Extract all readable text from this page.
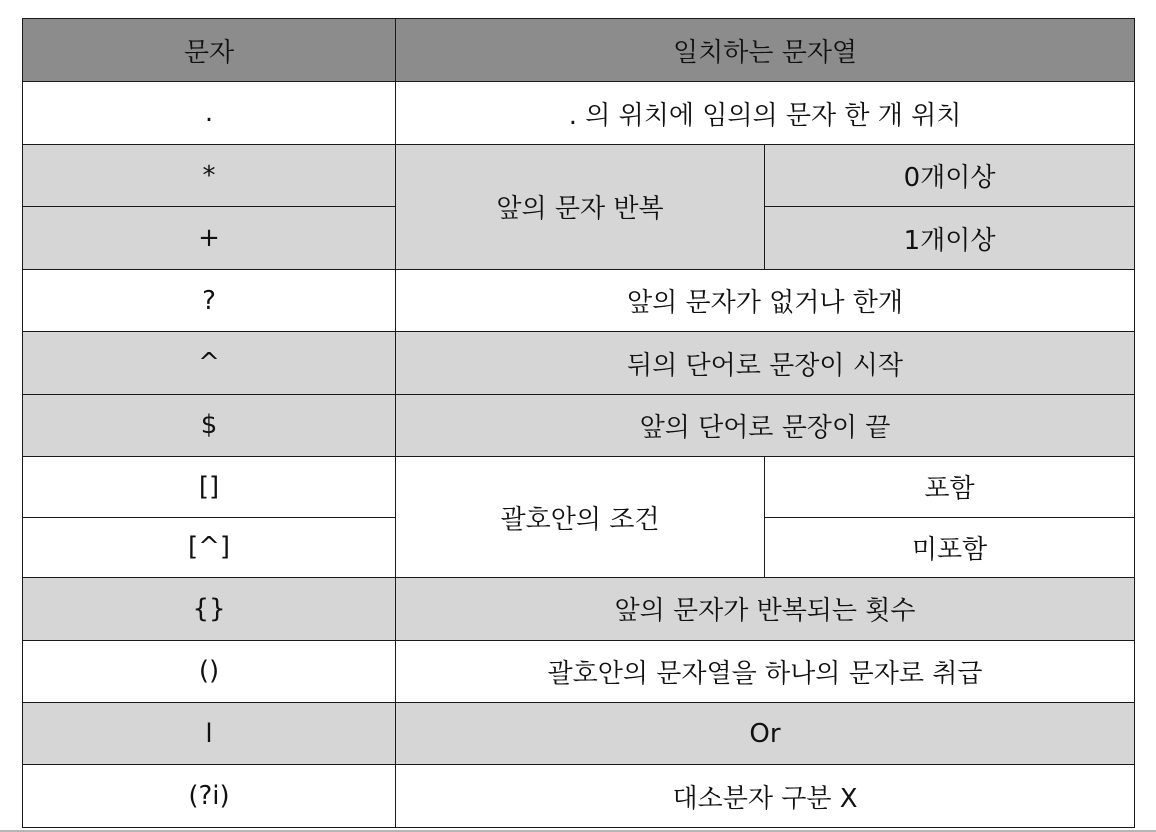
문자	일치하는 문자열	
.	. 의 위치에 임의의 문자 한 개 위치	
*	앞의 문자 반복	0개이상
+		1개이상
?	앞의 문자가 없거나 한개	
^	뒤의 단어로 문장이 시작	
$	앞의 단어로 문장이 끝	
[]	괄호안의 조건	포함
[^]		미포함
{}	앞의 문자가 반복되는 횟수	
()	괄호안의 문자열을 하나의 문자로 취급	
l	Or	
(?i)	대소분자 구분 X	
